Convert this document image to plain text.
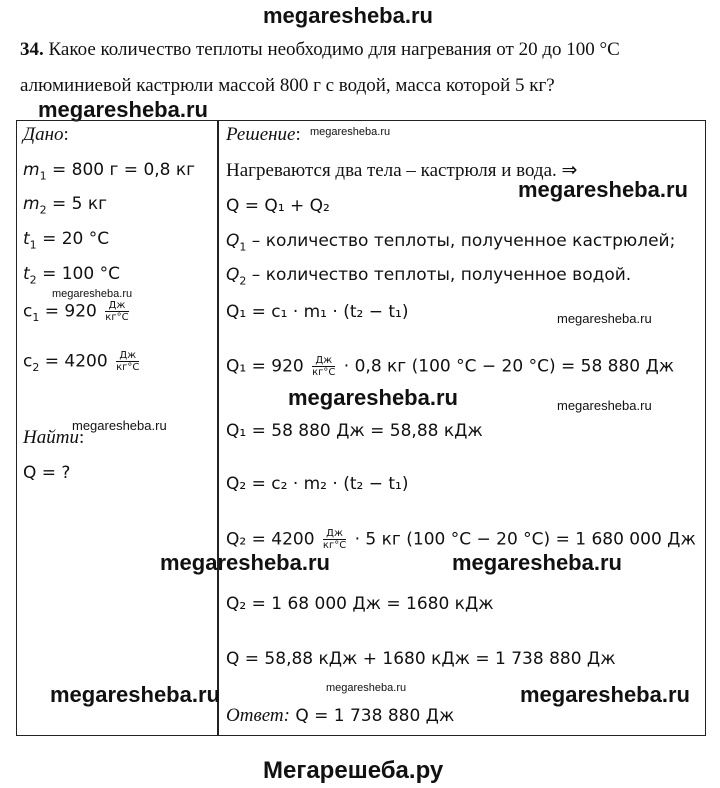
megaresheba.ru
34. Какое количество теплоты необходимо для нагревания от 20 до 100 °С
алюминиевой кастрюли массой 800 г с водой, масса которой 5 кг?
megaresheba.ru
Дано:
$m_1 = 800$ г = 0,8 кг
$m_2 = 5$ кг
$t_1 = 20$ °С
$t_2 = 100$ °С
megaresheba.ru
$c_1 = 920 \frac{Дж}{кг^\circ С}$
$c_2 = 4200 \frac{Дж}{кг^\circ С}$
megaresheba.ru
Найти:
Q = ?
Решение: megaresheba.ru
Нагреваются два тела – кастрюля и вода. ⇒
megaresheba.ru
Q = Q₁ + Q₂
$Q_1$ – количество теплоты, полученное кастрюлей;
$Q_2$ – количество теплоты, полученное водой.
Q₁ = c₁ · m₁ · (t₂ − t₁)	megaresheba.ru
$Q_1 = 920 \frac{Дж}{кг^\circ С} \cdot 0,8$ кг (100 °С − 20 °С) = 58 880 Дж
megaresheba.ru	megaresheba.ru
Q₁ = 58 880 Дж = 58,88 кДж
Q₂ = c₂ · m₂ · (t₂ − t₁)
$Q_2 = 4200 \frac{Дж}{кг^\circ С} \cdot 5$ кг (100 °С − 20 °С) = 1 680 000 Дж
megaresheba.ru	megaresheba.ru
Q₂ = 1 68 000 Дж = 1680 кДж
Q = 58,88 кДж + 1680 кДж = 1 738 880 Дж
megaresheba.ru	megaresheba.ru	megaresheba.ru
Ответ: Q = 1 738 880 Дж
Мегарешеба.ру
